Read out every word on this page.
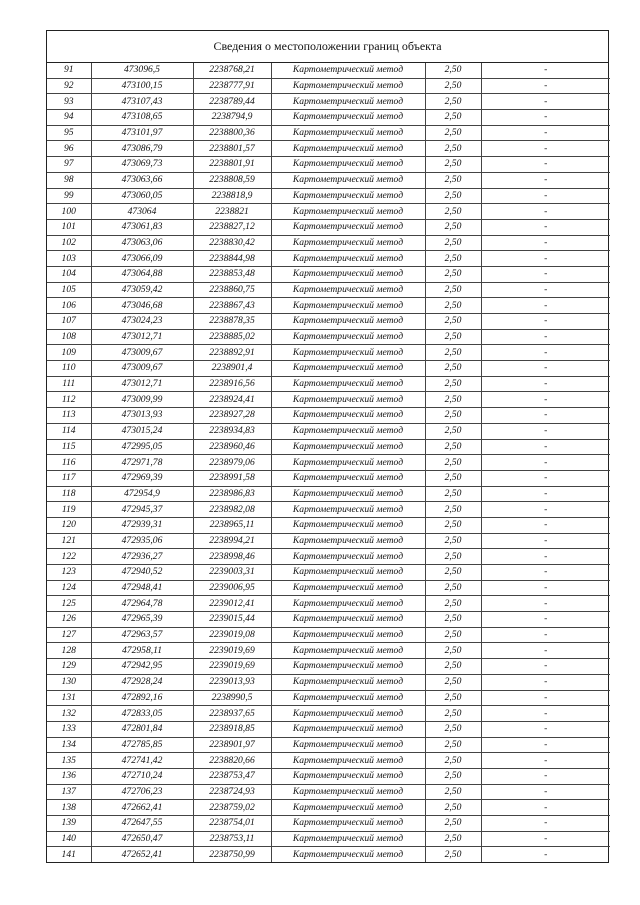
Сведения о местоположении границ объекта
91	473096,5	2238768,21	Картометрический метод	2,50	-
92	473100,15	2238777,91	Картометрический метод	2,50	-
93	473107,43	2238789,44	Картометрический метод	2,50	-
94	473108,65	2238794,9	Картометрический метод	2,50	-
95	473101,97	2238800,36	Картометрический метод	2,50	-
96	473086,79	2238801,57	Картометрический метод	2,50	-
97	473069,73	2238801,91	Картометрический метод	2,50	-
98	473063,66	2238808,59	Картометрический метод	2,50	-
99	473060,05	2238818,9	Картометрический метод	2,50	-
100	473064	2238821	Картометрический метод	2,50	-
101	473061,83	2238827,12	Картометрический метод	2,50	-
102	473063,06	2238830,42	Картометрический метод	2,50	-
103	473066,09	2238844,98	Картометрический метод	2,50	-
104	473064,88	2238853,48	Картометрический метод	2,50	-
105	473059,42	2238860,75	Картометрический метод	2,50	-
106	473046,68	2238867,43	Картометрический метод	2,50	-
107	473024,23	2238878,35	Картометрический метод	2,50	-
108	473012,71	2238885,02	Картометрический метод	2,50	-
109	473009,67	2238892,91	Картометрический метод	2,50	-
110	473009,67	2238901,4	Картометрический метод	2,50	-
111	473012,71	2238916,56	Картометрический метод	2,50	-
112	473009,99	2238924,41	Картометрический метод	2,50	-
113	473013,93	2238927,28	Картометрический метод	2,50	-
114	473015,24	2238934,83	Картометрический метод	2,50	-
115	472995,05	2238960,46	Картометрический метод	2,50	-
116	472971,78	2238979,06	Картометрический метод	2,50	-
117	472969,39	2238991,58	Картометрический метод	2,50	-
118	472954,9	2238986,83	Картометрический метод	2,50	-
119	472945,37	2238982,08	Картометрический метод	2,50	-
120	472939,31	2238965,11	Картометрический метод	2,50	-
121	472935,06	2238994,21	Картометрический метод	2,50	-
122	472936,27	2238998,46	Картометрический метод	2,50	-
123	472940,52	2239003,31	Картометрический метод	2,50	-
124	472948,41	2239006,95	Картометрический метод	2,50	-
125	472964,78	2239012,41	Картометрический метод	2,50	-
126	472965,39	2239015,44	Картометрический метод	2,50	-
127	472963,57	2239019,08	Картометрический метод	2,50	-
128	472958,11	2239019,69	Картометрический метод	2,50	-
129	472942,95	2239019,69	Картометрический метод	2,50	-
130	472928,24	2239013,93	Картометрический метод	2,50	-
131	472892,16	2238990,5	Картометрический метод	2,50	-
132	472833,05	2238937,65	Картометрический метод	2,50	-
133	472801,84	2238918,85	Картометрический метод	2,50	-
134	472785,85	2238901,97	Картометрический метод	2,50	-
135	472741,42	2238820,66	Картометрический метод	2,50	-
136	472710,24	2238753,47	Картометрический метод	2,50	-
137	472706,23	2238724,93	Картометрический метод	2,50	-
138	472662,41	2238759,02	Картометрический метод	2,50	-
139	472647,55	2238754,01	Картометрический метод	2,50	-
140	472650,47	2238753,11	Картометрический метод	2,50	-
141	472652,41	2238750,99	Картометрический метод	2,50	-
